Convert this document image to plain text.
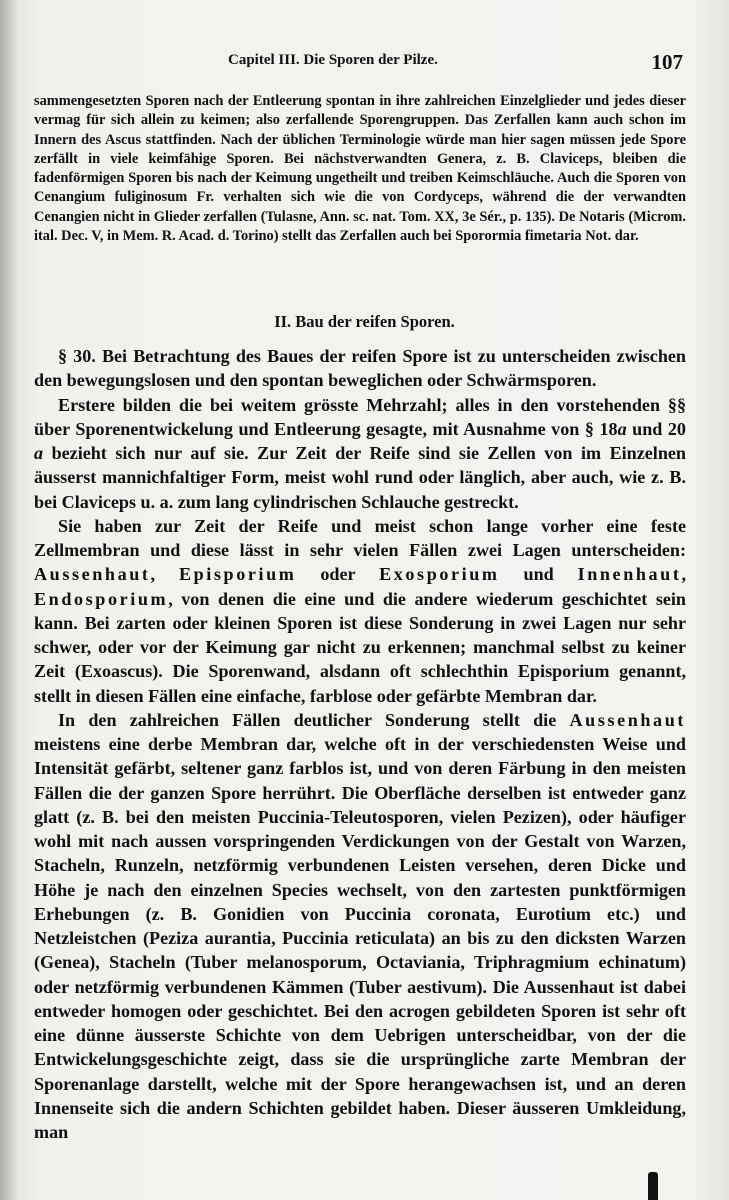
Capitel III. Die Sporen der Pilze.	107

sammengesetzten Sporen nach der Entleerung spontan in ihre zahlreichen Einzelglieder und jedes dieser vermag für sich allein zu keimen; also zerfallende Sporengruppen. Das Zerfallen kann auch schon im Innern des Ascus stattfinden. Nach der üblichen Terminologie würde man hier sagen müssen jede Spore zerfällt in viele keimfähige Sporen. Bei nächstverwandten Genera, z. B. Claviceps, bleiben die fadenförmigen Sporen bis nach der Keimung ungetheilt und treiben Keimschläuche. Auch die Sporen von Cenangium fuliginosum Fr. verhalten sich wie die von Cordyceps, während die der verwandten Cenangien nicht in Glieder zerfallen (Tulasne, Ann. sc. nat. Tom. XX, 3e Sér., p. 135). De Notaris (Microm. ital. Dec. V, in Mem. R. Acad. d. Torino) stellt das Zerfallen auch bei Sporormia fimetaria Not. dar.

II. Bau der reifen Sporen.

§ 30. Bei Betrachtung des Baues der reifen Spore ist zu unterscheiden zwischen den bewegungslosen und den spontan beweglichen oder Schwärmsporen.

Erstere bilden die bei weitem grösste Mehrzahl; alles in den vorstehenden §§ über Sporenentwickelung und Entleerung gesagte, mit Ausnahme von § 18a und 20 a bezieht sich nur auf sie. Zur Zeit der Reife sind sie Zellen von im Einzelnen äusserst mannichfaltiger Form, meist wohl rund oder länglich, aber auch, wie z. B. bei Claviceps u. a. zum lang cylindrischen Schlauche gestreckt.

Sie haben zur Zeit der Reife und meist schon lange vorher eine feste Zellmembran und diese lässt in sehr vielen Fällen zwei Lagen unterscheiden: Aussenhaut, Episporium oder Exosporium und Innenhaut, Endosporium, von denen die eine und die andere wiederum geschichtet sein kann. Bei zarten oder kleinen Sporen ist diese Sonderung in zwei Lagen nur sehr schwer, oder vor der Keimung gar nicht zu erkennen; manchmal selbst zu keiner Zeit (Exoascus). Die Sporenwand, alsdann oft schlechthin Episporium genannt, stellt in diesen Fällen eine einfache, farblose oder gefärbte Membran dar.

In den zahlreichen Fällen deutlicher Sonderung stellt die Aussenhaut meistens eine derbe Membran dar, welche oft in der verschiedensten Weise und Intensität gefärbt, seltener ganz farblos ist, und von deren Färbung in den meisten Fällen die der ganzen Spore herrührt. Die Oberfläche derselben ist entweder ganz glatt (z. B. bei den meisten Puccinia-Teleutosporen, vielen Pezizen), oder häufiger wohl mit nach aussen vorspringenden Verdickungen von der Gestalt von Warzen, Stacheln, Runzeln, netzförmig verbundenen Leisten versehen, deren Dicke und Höhe je nach den einzelnen Species wechselt, von den zartesten punktförmigen Erhebungen (z. B. Gonidien von Puccinia coronata, Eurotium etc.) und Netzleistchen (Peziza aurantia, Puccinia reticulata) an bis zu den dicksten Warzen (Genea), Stacheln (Tuber melanosporum, Octaviania, Triphragmium echinatum) oder netzförmig verbundenen Kämmen (Tuber aestivum). Die Aussenhaut ist dabei entweder homogen oder geschichtet. Bei den acrogen gebildeten Sporen ist sehr oft eine dünne äusserste Schichte von dem Uebrigen unterscheidbar, von der die Entwickelungsgeschichte zeigt, dass sie die ursprüngliche zarte Membran der Sporenanlage darstellt, welche mit der Spore herangewachsen ist, und an deren Innenseite sich die andern Schichten gebildet haben. Dieser äusseren Umkleidung, man
